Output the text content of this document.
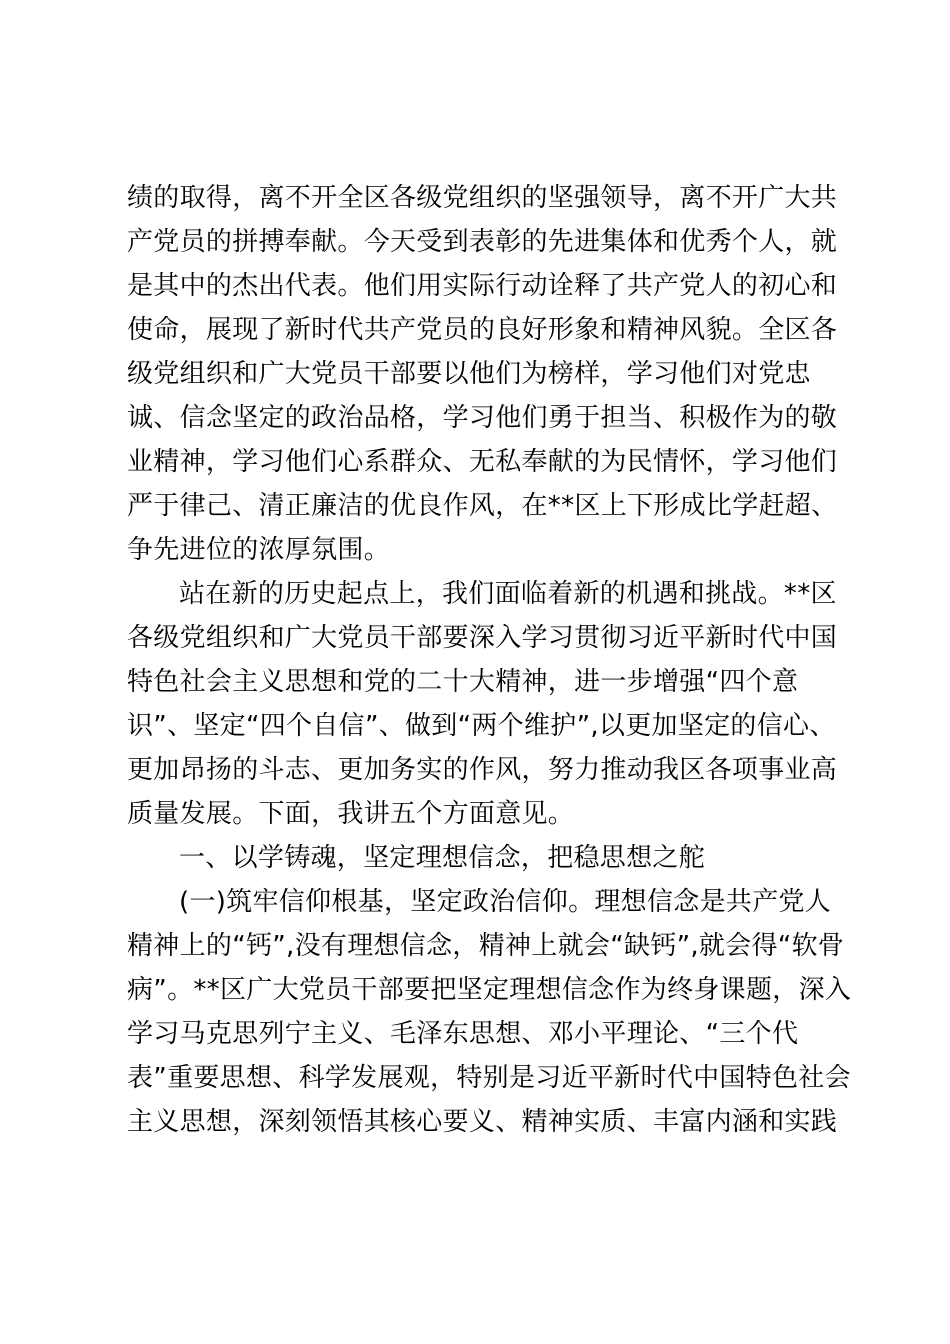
绩的取得，离不开全区各级党组织的坚强领导，离不开广大共
产党员的拼搏奉献。今天受到表彰的先进集体和优秀个人，就
是其中的杰出代表。他们用实际行动诠释了共产党人的初心和
使命，展现了新时代共产党员的良好形象和精神风貌。全区各
级党组织和广大党员干部要以他们为榜样，学习他们对党忠
诚、信念坚定的政治品格，学习他们勇于担当、积极作为的敬
业精神，学习他们心系群众、无私奉献的为民情怀，学习他们
严于律己、清正廉洁的优良作风，在**区上下形成比学赶超、
争先进位的浓厚氛围。
站在新的历史起点上，我们面临着新的机遇和挑战。**区
各级党组织和广大党员干部要深入学习贯彻习近平新时代中国
特色社会主义思想和党的二十大精神，进一步增强“四个意
识”、坚定“四个自信”、做到“两个维护”,以更加坚定的信心、
更加昂扬的斗志、更加务实的作风，努力推动我区各项事业高
质量发展。下面，我讲五个方面意见。
一、以学铸魂，坚定理想信念，把稳思想之舵
(一)筑牢信仰根基，坚定政治信仰。理想信念是共产党人
精神上的“钙”,没有理想信念，精神上就会“缺钙”,就会得“软骨
病”。**区广大党员干部要把坚定理想信念作为终身课题，深入
学习马克思列宁主义、毛泽东思想、邓小平理论、“三个代
表”重要思想、科学发展观，特别是习近平新时代中国特色社会
主义思想，深刻领悟其核心要义、精神实质、丰富内涵和实践
